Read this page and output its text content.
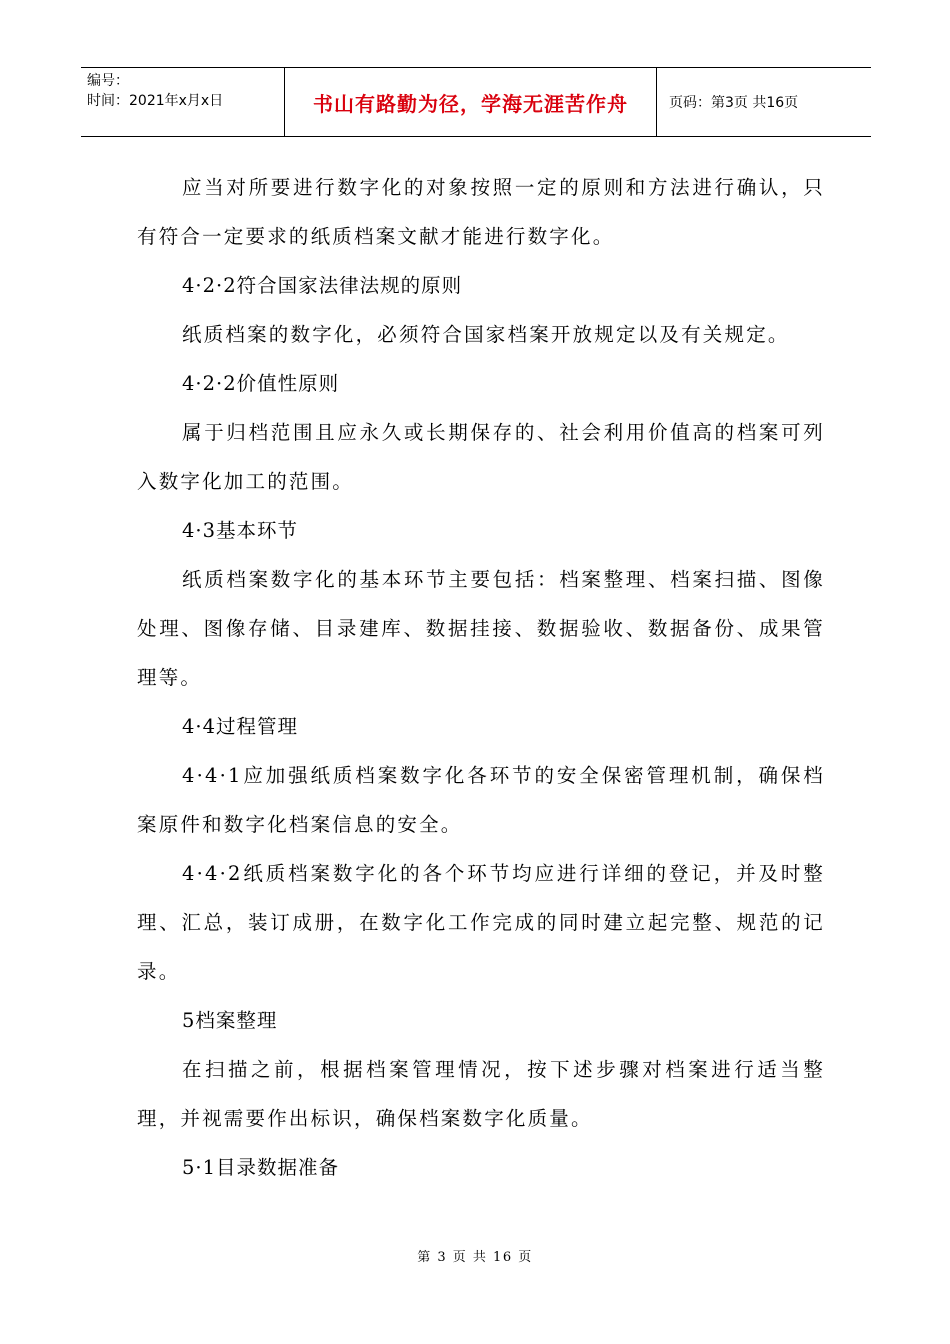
编号：
时间：2021年x月x日	书山有路勤为径，学海无涯苦作舟	页码：第3页 共16页

应当对所要进行数字化的对象按照一定的原则和方法进行确认，只有符合一定要求的纸质档案文献才能进行数字化。

4·2·2符合国家法律法规的原则

纸质档案的数字化，必须符合国家档案开放规定以及有关规定。

4·2·2价值性原则

属于归档范围且应永久或长期保存的、社会利用价值高的档案可列入数字化加工的范围。

4·3基本环节

纸质档案数字化的基本环节主要包括：档案整理、档案扫描、图像处理、图像存储、目录建库、数据挂接、数据验收、数据备份、成果管理等。

4·4过程管理

4·4·1应加强纸质档案数字化各环节的安全保密管理机制，确保档案原件和数字化档案信息的安全。

4·4·2纸质档案数字化的各个环节均应进行详细的登记，并及时整理、汇总，装订成册，在数字化工作完成的同时建立起完整、规范的记录。

5档案整理

在扫描之前，根据档案管理情况，按下述步骤对档案进行适当整理，并视需要作出标识，确保档案数字化质量。

5·1目录数据准备

第 3 页 共 16 页
